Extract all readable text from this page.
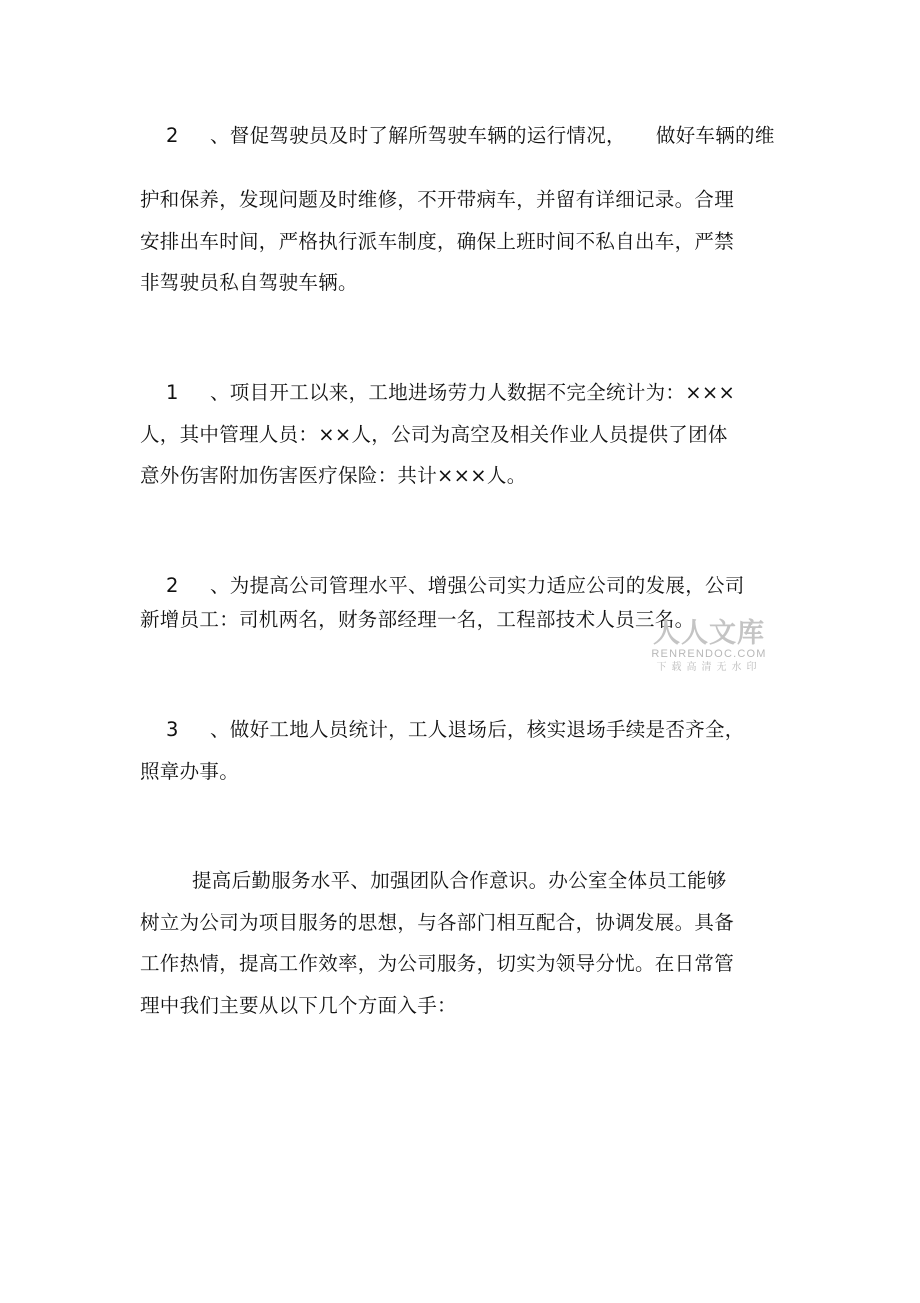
2 、督促驾驶员及时了解所驾驶车辆的运行情况， 做好车辆的维
护和保养，发现问题及时维修，不开带病车，并留有详细记录。合理
安排出车时间，严格执行派车制度，确保上班时间不私自出车，严禁
非驾驶员私自驾驶车辆。
1 、项目开工以来，工地进场劳力人数据不完全统计为：×××
人，其中管理人员：××人，公司为高空及相关作业人员提供了团体
意外伤害附加伤害医疗保险：共计×××人。
2 、为提高公司管理水平、增强公司实力适应公司的发展，公司
新增员工：司机两名，财务部经理一名，工程部技术人员三名。
人人文库
RENRENDOC.COM
下载高清无水印
3 、做好工地人员统计，工人退场后，核实退场手续是否齐全，
照章办事。
提高后勤服务水平、加强团队合作意识。办公室全体员工能够
树立为公司为项目服务的思想，与各部门相互配合，协调发展。具备
工作热情，提高工作效率，为公司服务，切实为领导分忧。在日常管
理中我们主要从以下几个方面入手：
